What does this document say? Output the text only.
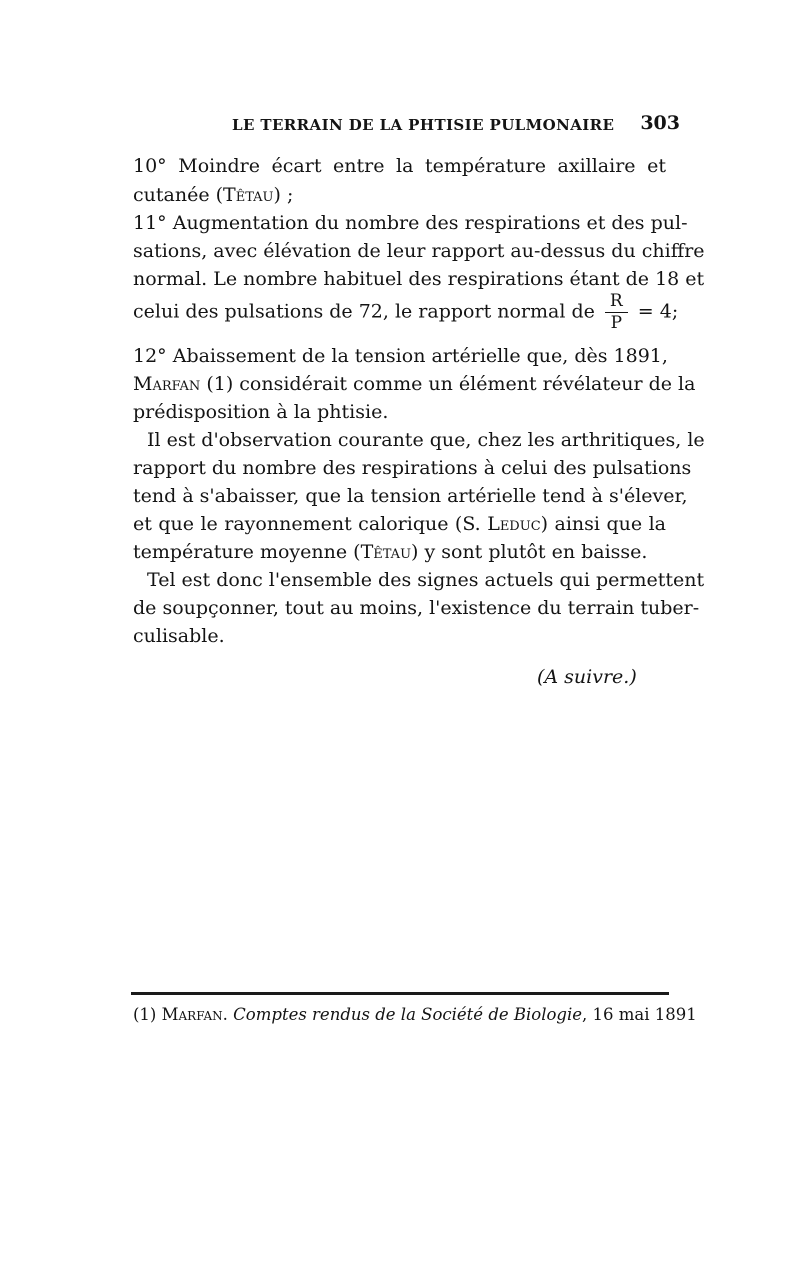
LE TERRAIN DE LA PHTISIE PULMONAIRE 303
10° Moindre écart entre la température axillaire et
cutanée (Têtau) ;
11° Augmentation du nombre des respirations et des pul-
sations, avec élévation de leur rapport au-dessus du chiffre
normal. Le nombre habituel des respirations étant de 18 et
celui des pulsations de 72, le rapport normal de $\frac{R}{P} = 4$;
12° Abaissement de la tension artérielle que, dès 1891,
Marfan (1) considérait comme un élément révélateur de la
prédisposition à la phtisie.
Il est d'observation courante que, chez les arthritiques, le
rapport du nombre des respirations à celui des pulsations
tend à s'abaisser, que la tension artérielle tend à s'élever,
et que le rayonnement calorique (S. Leduc) ainsi que la
température moyenne (Têtau) y sont plutôt en baisse.
Tel est donc l'ensemble des signes actuels qui permettent
de soupçonner, tout au moins, l'existence du terrain tuber-
culisable.
(A suivre.)
(1) Marfan. Comptes rendus de la Société de Biologie, 16 mai 1891
